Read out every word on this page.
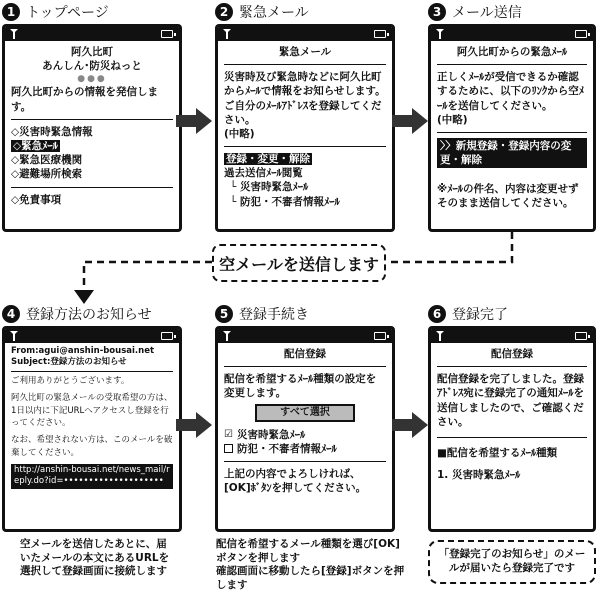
1 トップページ
阿久比町
あんしん･防災ねっと
●●●
阿久比町からの情報を発信します。
◇災害時緊急情報
◇緊急ﾒｰﾙ
◇緊急医療機関
◇避難場所検索
◇免責事項
2 緊急メール
緊急メール
災害時及び緊急時などに阿久比町からﾒｰﾙで情報をお知らせします。ご自分のﾒｰﾙｱﾄﾞﾚｽを登録してください。
(中略)
登録・変更・解除
過去送信ﾒｰﾙ閲覧
└ 災害時緊急ﾒｰﾙ
└ 防犯・不審者情報ﾒｰﾙ
3 メール送信
阿久比町からの緊急ﾒｰﾙ
正しくﾒｰﾙが受信できるか確認するために、以下のﾘﾝｸから空ﾒｰﾙを送信してください。
(中略)
〉〉新規登録・登録内容の変更・解除
※ﾒｰﾙの件名、内容は変更せずそのまま送信してください。
空メールを送信します
4 登録方法のお知らせ
From:agui@anshin-bousai.net
Subject:登録方法のお知らせ
ご利用ありがとうございます。
阿久比町の緊急メールの受取希望の方は、1日以内に下記URLへアクセスし登録を行ってください。
なお、希望されない方は、このメールを破棄してください。
http://anshin-bousai.net/news_mail/reply.do?id=••••••••••••••••••••
5 登録手続き
配信登録
配信を希望するﾒｰﾙ種類の設定を変更します。
すべて選択
☑ 災害時緊急ﾒｰﾙ
防犯・不審者情報ﾒｰﾙ
上記の内容でよろしければ、[OK]ﾎﾞﾀﾝを押してください。
6 登録完了
配信登録
配信登録を完了しました。登録ｱﾄﾞﾚｽ宛に登録完了の通知ﾒｰﾙを送信しましたので、ご確認ください。
■配信を希望するﾒｰﾙ種類
1. 災害時緊急ﾒｰﾙ
空メールを送信したあとに、届いたメールの本文にあるURLを選択して登録画面に接続します
配信を希望するメール種類を選び[OK]ボタンを押します
確認画面に移動したら[登録]ボタンを押します
「登録完了のお知らせ」のメールが届いたら登録完了です
